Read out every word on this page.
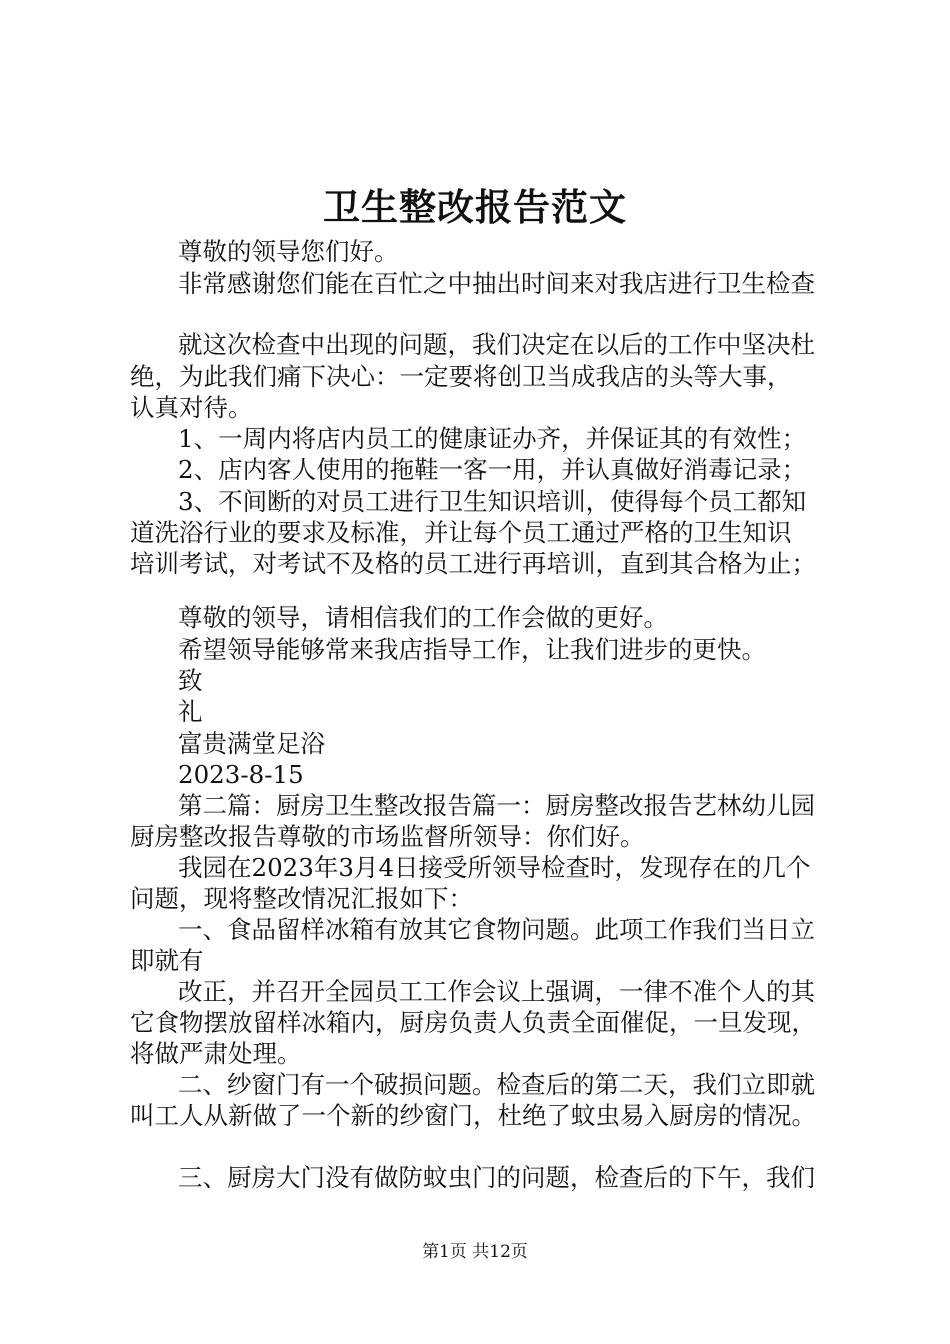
卫生整改报告范文
尊敬的领导您们好。
非常感谢您们能在百忙之中抽出时间来对我店进行卫生检查
就这次检查中出现的问题，我们决定在以后的工作中坚决杜
绝，为此我们痛下决心：一定要将创卫当成我店的头等大事，
认真对待。
1、一周内将店内员工的健康证办齐，并保证其的有效性；
2、店内客人使用的拖鞋一客一用，并认真做好消毒记录；
3、不间断的对员工进行卫生知识培训，使得每个员工都知
道洗浴行业的要求及标准，并让每个员工通过严格的卫生知识
培训考试，对考试不及格的员工进行再培训，直到其合格为止；
尊敬的领导，请相信我们的工作会做的更好。
希望领导能够常来我店指导工作，让我们进步的更快。
致
礼
富贵满堂足浴
2023-8-15
第二篇：厨房卫生整改报告篇一：厨房整改报告艺林幼儿园
厨房整改报告尊敬的市场监督所领导：你们好。
我园在2023年3月4日接受所领导检查时，发现存在的几个
问题，现将整改情况汇报如下：
一、食品留样冰箱有放其它食物问题。此项工作我们当日立
即就有
改正，并召开全园员工工作会议上强调，一律不准个人的其
它食物摆放留样冰箱内，厨房负责人负责全面催促，一旦发现，
将做严肃处理。
二、纱窗门有一个破损问题。检查后的第二天，我们立即就
叫工人从新做了一个新的纱窗门，杜绝了蚊虫易入厨房的情况。
三、厨房大门没有做防蚊虫门的问题，检查后的下午，我们
第1页 共12页
